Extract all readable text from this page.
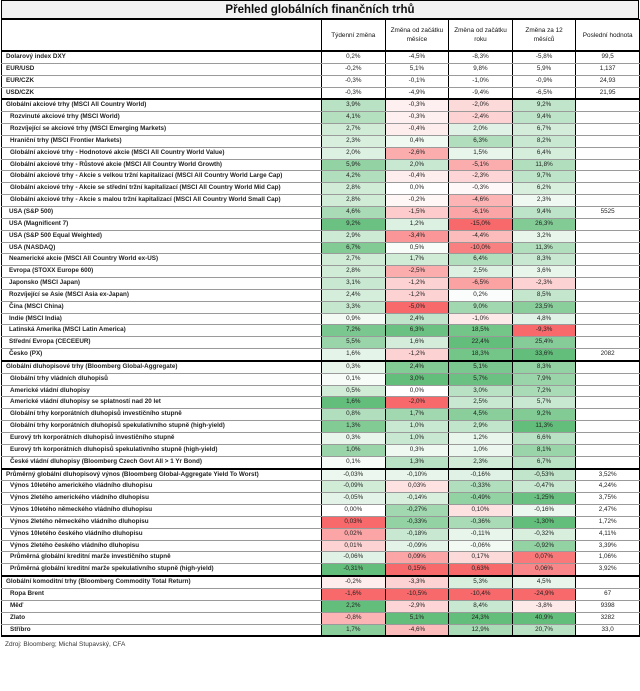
Přehled globálních finančních trhů
	Týdenní změna	Změna od začátku měsíce	Změna od začátku roku	Změna za 12 měsíců	Poslední hodnota
Dolarový index DXY	0,2%	-4,5%	-8,3%	-5,8%	99,5
EUR/USD	-0,2%	5,1%	9,8%	5,9%	1,137
EUR/CZK	-0,3%	-0,1%	-1,0%	-0,9%	24,93
USD/CZK	-0,3%	-4,9%	-9,4%	-6,5%	21,95
Globální akciové trhy (MSCI All Country World)	3,9%	-0,3%	-2,0%	9,2%	
Rozvinuté akciové trhy (MSCI World)	4,1%	-0,3%	-2,4%	9,4%	
Rozvíjející se akciové trhy (MSCI Emerging Markets)	2,7%	-0,4%	2,0%	6,7%	
Hraniční trhy (MSCI Frontier Markets)	2,3%	0,4%	6,3%	8,2%	
Globální akciové trhy - Hodnotové akcie (MSCI All Country World Value)	2,0%	-2,6%	1,5%	6,4%	
Globální akciové trhy - Růstové akcie (MSCI All Country World Growth)	5,9%	2,0%	-5,1%	11,8%	
Globální akciové trhy - Akcie s velkou tržní kapitalizací (MSCI All Country World Large Cap)	4,2%	-0,4%	-2,3%	9,7%	
Globální akciové trhy - Akcie se střední tržní kapitalizací (MSCI All Country World Mid Cap)	2,8%	0,0%	-0,3%	6,2%	
Globální akciové trhy - Akcie s malou tržní kapitalizací (MSCI All Country World Small Cap)	2,8%	-0,2%	-4,6%	2,3%	
USA (S&P 500)	4,6%	-1,5%	-6,1%	9,4%	5525
USA (Magnificent 7)	9,2%	1,2%	-15,0%	26,3%	
USA (S&P 500 Equal Weighted)	2,9%	-3,4%	-4,4%	3,2%	
USA (NASDAQ)	6,7%	0,5%	-10,0%	11,3%	
Neamerické akcie (MSCI All Country World ex-US)	2,7%	1,7%	6,4%	8,3%	
Evropa (STOXX Europe 600)	2,8%	-2,5%	2,5%	3,6%	
Japonsko (MSCI Japan)	3,1%	-1,2%	-6,5%	-2,3%	
Rozvíjející se Asie (MSCI Asia ex-Japan)	2,4%	-1,2%	0,2%	8,5%	
Čína (MSCI China)	3,3%	-5,0%	9,0%	23,5%	
Indie (MSCI India)	0,9%	2,4%	-1,0%	4,8%	
Latinská Amerika (MSCI Latin America)	7,2%	6,3%	18,5%	-9,3%	
Střední Evropa (CECEEUR)	5,5%	1,6%	22,4%	25,4%	
Česko (PX)	1,6%	-1,2%	18,3%	33,6%	2082
Globální dluhopisové trhy (Bloomberg Global-Aggregate)	0,3%	2,4%	5,1%	8,3%	
Globální trhy vládních dluhopisů	0,1%	3,0%	5,7%	7,9%	
Americké vládní dluhopisy	0,5%	0,0%	3,0%	7,2%	
Americké vládní dluhopisy se splatností nad 20 let	1,6%	-2,0%	2,5%	5,7%	
Globální trhy korporátních dluhopisů investičního stupně	0,8%	1,7%	4,5%	9,2%	
Globální trhy korporátních dluhopisů spekulativního stupně (high-yield)	1,3%	1,0%	2,9%	11,3%	
Eurový trh korporátních dluhopisů investičního stupně	0,3%	1,0%	1,2%	6,6%	
Eurový trh korporátních dluhopisů spekulativního stupně (high-yield)	1,0%	0,3%	1,0%	8,1%	
České vládní dluhopisy (Bloomberg Czech Govt All > 1 Yr Bond)	0,1%	1,3%	2,3%	6,7%	
Průměrný globální dluhopisový výnos (Bloomberg Global-Aggregate Yield To Worst)	-0,03%	-0,10%	-0,16%	-0,53%	3,52%
Výnos 10letého amerického vládního dluhopisu	-0,09%	0,03%	-0,33%	-0,47%	4,24%
Výnos 2letého amerického vládního dluhopisu	-0,05%	-0,14%	-0,49%	-1,25%	3,75%
Výnos 10letého německého vládního dluhopisu	0,00%	-0,27%	0,10%	-0,16%	2,47%
Výnos 2letého německého vládního dluhopisu	0,03%	-0,33%	-0,36%	-1,30%	1,72%
Výnos 10letého českého vládního dluhopisu	0,02%	-0,18%	-0,11%	-0,32%	4,11%
Výnos 2letého českého vládního dluhopisu	0,01%	-0,09%	-0,06%	-0,92%	3,39%
Průměrná globální kreditní marže investičního stupně	-0,06%	0,09%	0,17%	0,07%	1,06%
Průměrná globální kreditní marže spekulativního stupně (high-yield)	-0,31%	0,15%	0,63%	0,06%	3,92%
Globální komoditní trhy (Bloomberg Commodity Total Return)	-0,2%	-3,3%	5,3%	4,5%	
Ropa Brent	-1,6%	-10,5%	-10,4%	-24,9%	67
Měď	2,2%	-2,9%	8,4%	-3,8%	9398
Zlato	-0,8%	5,1%	24,3%	40,9%	3282
Stříbro	1,7%	-4,6%	12,9%	20,7%	33,0
Zdroj: Bloomberg; Michal Stupavský, CFA
